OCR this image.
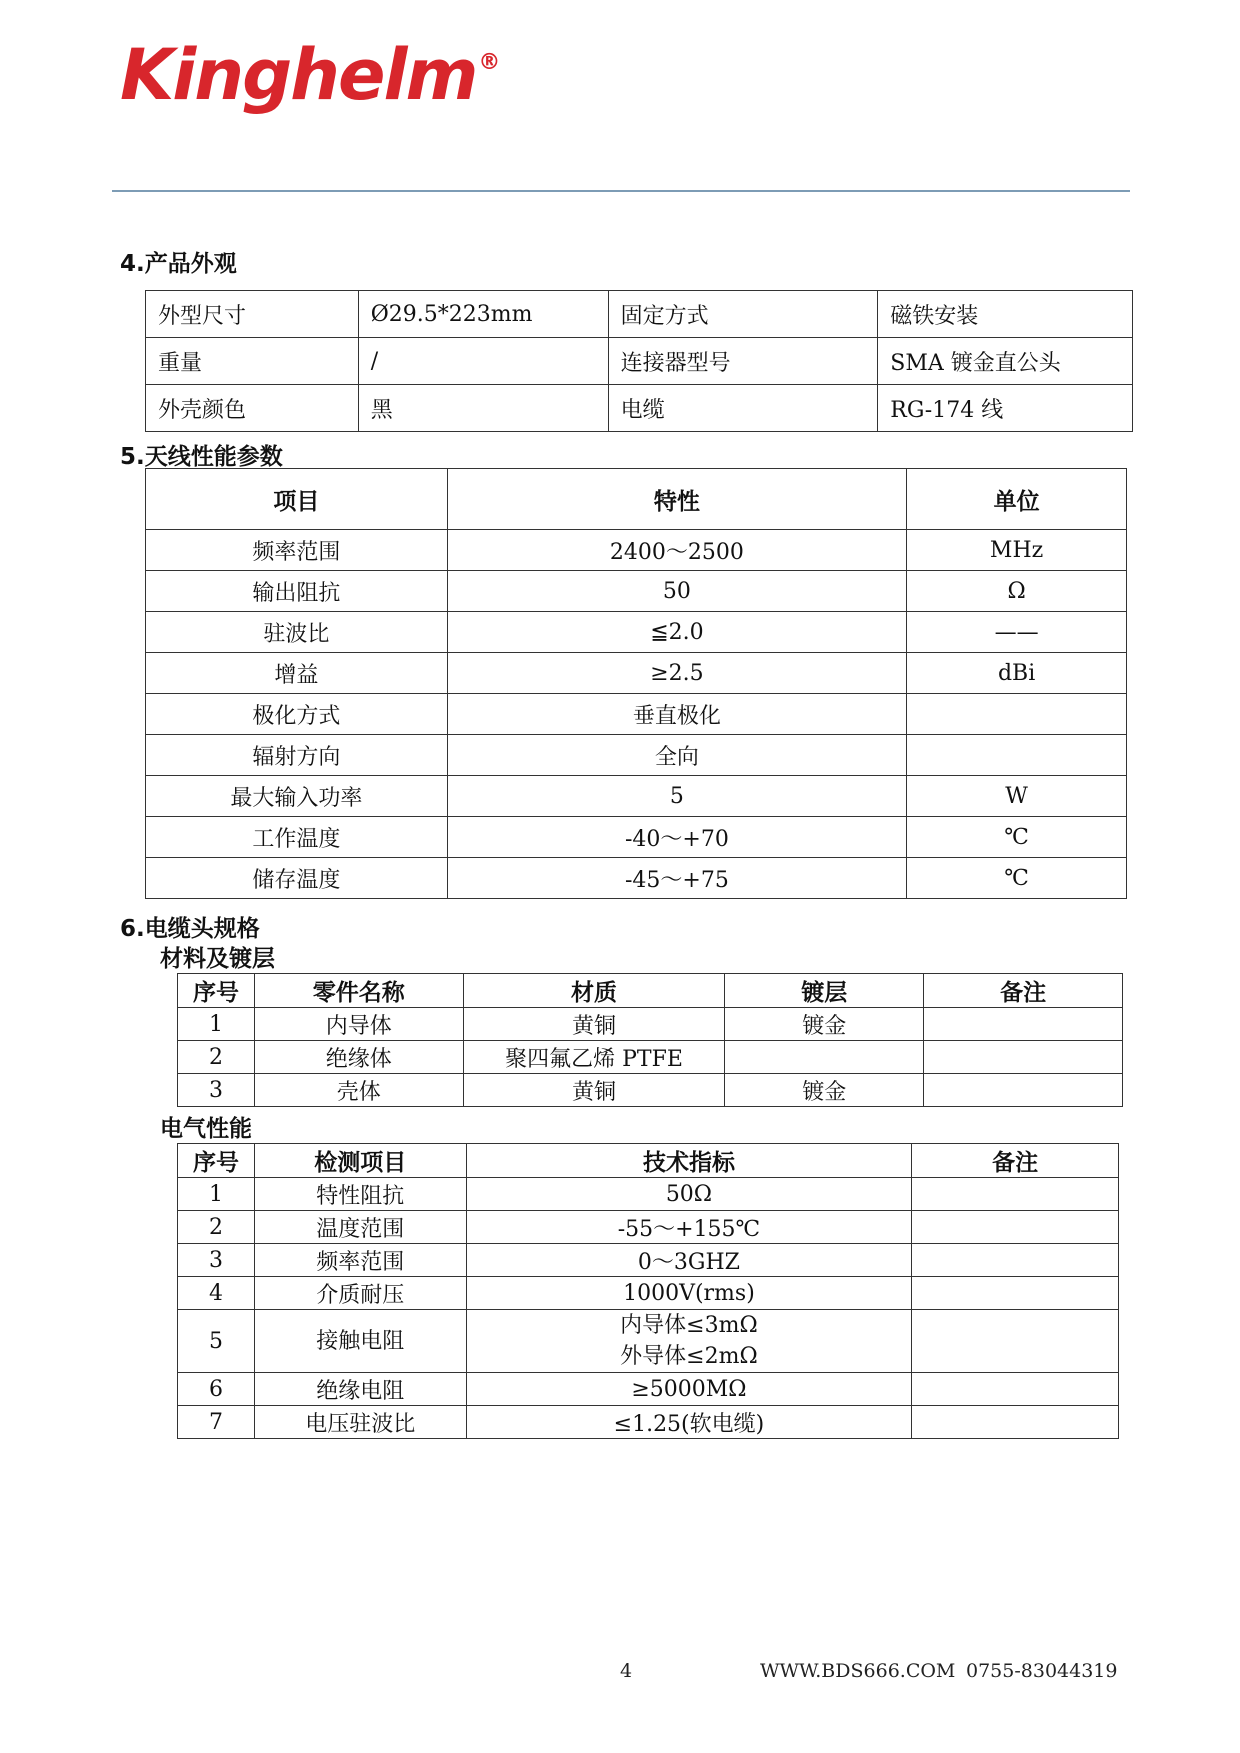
Kinghelm®
4.产品外观
外型尺寸	Ø29.5*223mm	固定方式	磁铁安装
重量	/	连接器型号	SMA 镀金直公头
外壳颜色	黑	电缆	RG-174 线
5.天线性能参数
项目	特性	单位
频率范围	2400～2500	MHz
输出阻抗	50	Ω
驻波比	≦2.0	——
增益	≥2.5	dBi
极化方式	垂直极化	
辐射方向	全向	
最大输入功率	5	W
工作温度	-40～+70	℃
储存温度	-45～+75	℃
6.电缆头规格
材料及镀层
序号	零件名称	材质	镀层	备注
1	内导体	黄铜	镀金	
2	绝缘体	聚四氟乙烯 PTFE		
3	壳体	黄铜	镀金	
电气性能
序号	检测项目	技术指标	备注
1	特性阻抗	50Ω	
2	温度范围	-55～+155℃	
3	频率范围	0～3GHZ	
4	介质耐压	1000V(rms)	
5	接触电阻	内导体≤3mΩ
外导体≤2mΩ	

6	绝缘电阻	≥5000MΩ	
7	电压驻波比	≤1.25(软电缆)	
4	WWW.BDS666.COM 0755-83044319
